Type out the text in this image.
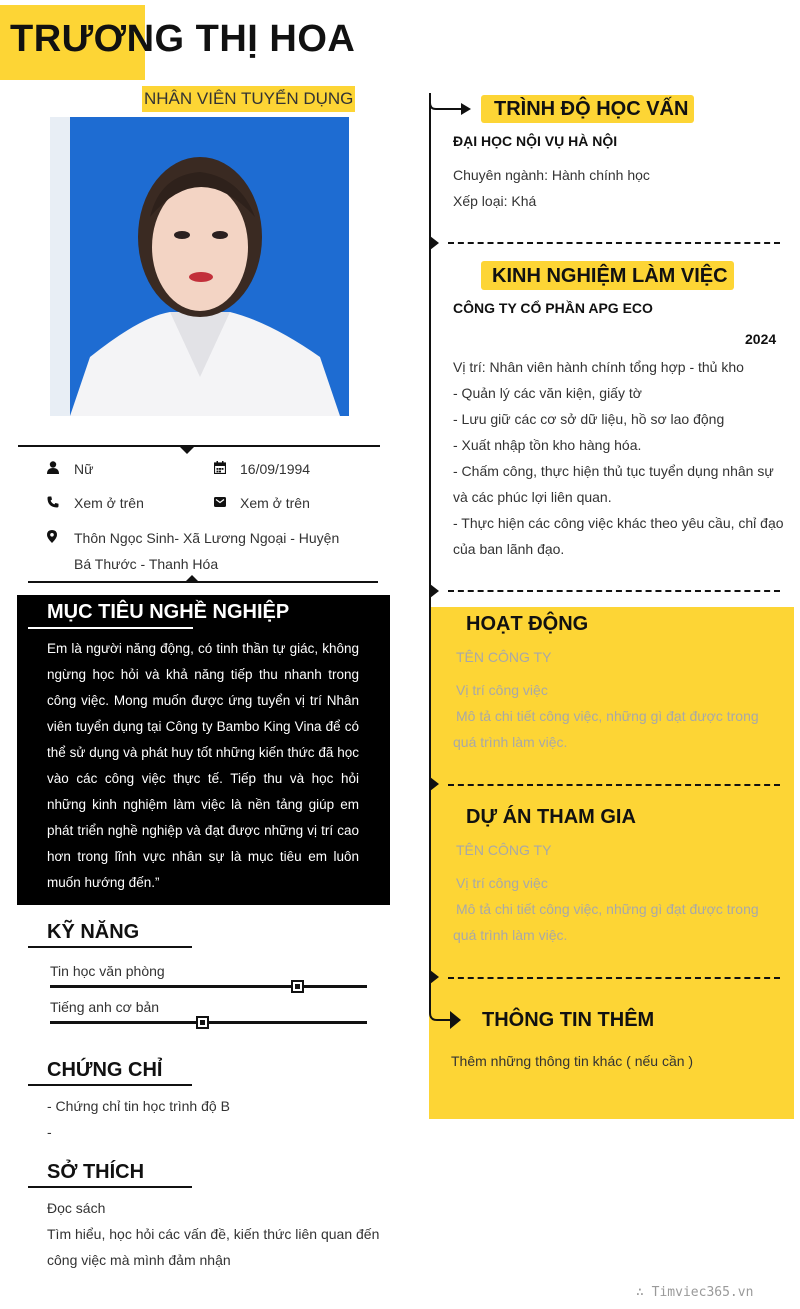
TRƯƠNG THỊ HOA
NHÂN VIÊN TUYỂN DỤNG
Nữ	16/09/1994
Xem ở trên	Xem ở trên
Thôn Ngọc Sinh- Xã Lương Ngoại - Huyện
Bá Thước - Thanh Hóa
MỤC TIÊU NGHỀ NGHIỆP
Em là người năng động, có tinh thần tự giác, không ngừng học hỏi và khả năng tiếp thu nhanh trong công việc. Mong muốn được ứng tuyển vị trí Nhân viên tuyển dụng tại Công ty Bambo King Vina để có thể sử dụng và phát huy tốt những kiến thức đã học vào các công việc thực tế. Tiếp thu và học hỏi những kinh nghiệm làm việc là nền tảng giúp em phát triển nghề nghiệp và đạt được những vị trí cao hơn trong lĩnh vực nhân sự là mục tiêu em luôn muốn hướng đến.”
KỸ NĂNG
Tin học văn phòng
Tiếng anh cơ bản
CHỨNG CHỈ
- Chứng chỉ tin học trình độ B
-
SỞ THÍCH
Đọc sách
Tìm hiểu, học hỏi các vấn đề, kiến thức liên quan đến
công việc mà mình đảm nhận
TRÌNH ĐỘ HỌC VẤN
ĐẠI HỌC NỘI VỤ HÀ NỘI
Chuyên ngành: Hành chính học
Xếp loại: Khá
KINH NGHIỆM LÀM VIỆC
CÔNG TY CỔ PHẦN APG ECO
2024
Vị trí: Nhân viên hành chính tổng hợp - thủ kho
- Quản lý các văn kiện, giấy tờ
- Lưu giữ các cơ sở dữ liệu, hồ sơ lao động
- Xuất nhập tồn kho hàng hóa.
- Chấm công, thực hiện thủ tục tuyển dụng nhân sự
và các phúc lợi liên quan.
- Thực hiện các công việc khác theo yêu cầu, chỉ đạo
của ban lãnh đạo.
HOẠT ĐỘNG
TÊN CÔNG TY
Vị trí công việc
Mô tả chi tiết công việc, những gì đạt được trong
quá trình làm việc.
DỰ ÁN THAM GIA
TÊN CÔNG TY
Vị trí công việc
Mô tả chi tiết công việc, những gì đạt được trong
quá trình làm việc.
THÔNG TIN THÊM
Thêm những thông tin khác ( nếu cần )
∴ Timviec365.vn
